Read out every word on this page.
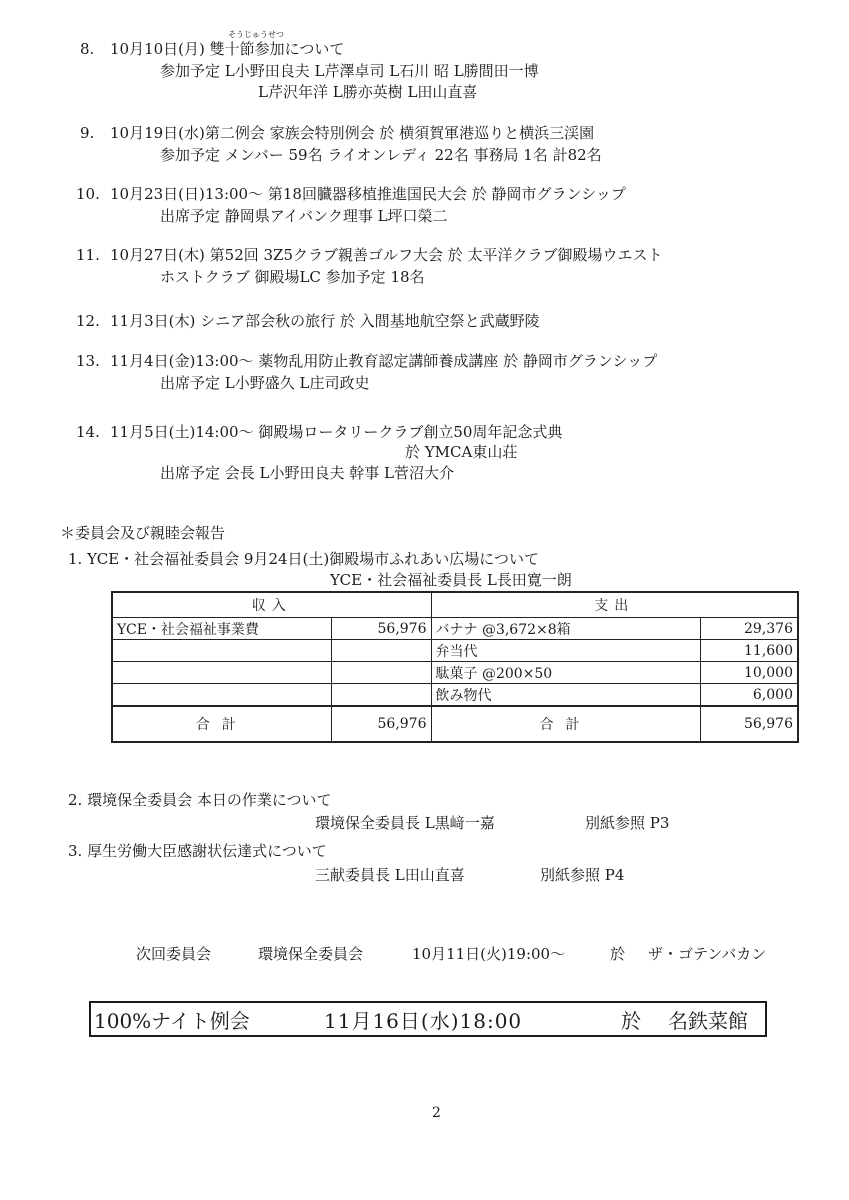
そうじゅうせつ
8. 10月10日(月) 雙十節参加について
参加予定 L小野田良夫 L芹澤卓司 L石川 昭 L勝間田一博
L芹沢年洋 L勝亦英樹 L田山直喜
9. 10月19日(水)第二例会 家族会特別例会 於 横須賀軍港巡りと横浜三渓園
参加予定 メンバー 59名 ライオンレディ 22名 事務局 1名 計82名
10. 10月23日(日)13:00～ 第18回臓器移植推進国民大会 於 静岡市グランシップ
出席予定 静岡県アイバンク理事 L坪口榮二
11. 10月27日(木) 第52回 3Z5クラブ親善ゴルフ大会 於 太平洋クラブ御殿場ウエスト
ホストクラブ 御殿場LC 参加予定 18名
12. 11月3日(木) シニア部会秋の旅行 於 入間基地航空祭と武蔵野陵
13. 11月4日(金)13:00～ 薬物乱用防止教育認定講師養成講座 於 静岡市グランシップ
出席予定 L小野盛久 L庄司政史
14. 11月5日(土)14:00～ 御殿場ロータリークラブ創立50周年記念式典
於 YMCA東山荘
出席予定 会長 L小野田良夫 幹事 L菅沼大介
＊委員会及び親睦会報告
1. YCE・社会福祉委員会 9月24日(土)御殿場市ふれあい広場について
YCE・社会福祉委員長 L長田寛一朗
収入		支出	
YCE・社会福祉事業費	56,976	バナナ @3,672×8箱	29,376
		弁当代	11,600
		駄菓子 @200×50	10,000
		飲み物代	6,000
合計	56,976	合計	56,976
2. 環境保全委員会 本日の作業について
環境保全委員長 L黒﨑一嘉	別紙参照 P3
3. 厚生労働大臣感謝状伝達式について
三献委員長 L田山直喜	別紙参照 P4
次回委員会	環境保全委員会	10月11日(火)19:00～	於 ザ・ゴテンバカン
100%ナイト例会	11月16日(水)18:00	於 名鉄菜館
2
